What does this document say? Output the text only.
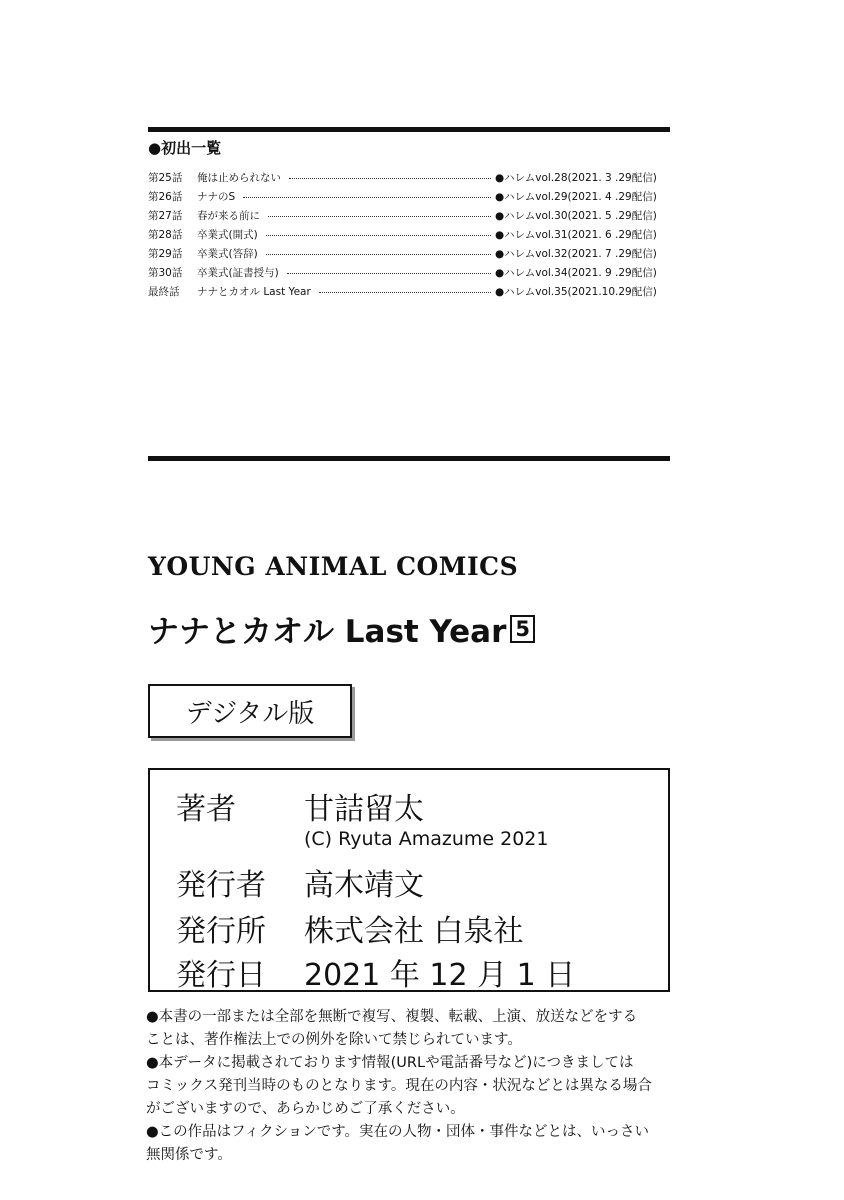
●初出一覧
第25話	俺は止められない	●ハレムvol.28(2021. 3 .29配信)
第26話	ナナのS	●ハレムvol.29(2021. 4 .29配信)
第27話	春が来る前に	●ハレムvol.30(2021. 5 .29配信)
第28話	卒業式(開式)	●ハレムvol.31(2021. 6 .29配信)
第29話	卒業式(答辞)	●ハレムvol.32(2021. 7 .29配信)
第30話	卒業式(証書授与)	●ハレムvol.34(2021. 9 .29配信)
最終話	ナナとカオル Last Year	●ハレムvol.35(2021.10.29配信)
YOUNG ANIMAL COMICS
ナナとカオル Last Year 5
デジタル版
著者	甘詰留太
(C) Ryuta Amazume 2021
発行者	高木靖文
発行所	株式会社 白泉社
発行日	2021 年 12 月 1 日
●本書の一部または全部を無断で複写、複製、転載、上演、放送などをする
ことは、著作権法上での例外を除いて禁じられています。
●本データに掲載されております情報(URLや電話番号など)につきましては
コミックス発刊当時のものとなります。現在の内容・状況などとは異なる場合
がございますので、あらかじめご了承ください。
●この作品はフィクションです。実在の人物・団体・事件などとは、いっさい
無関係です。
